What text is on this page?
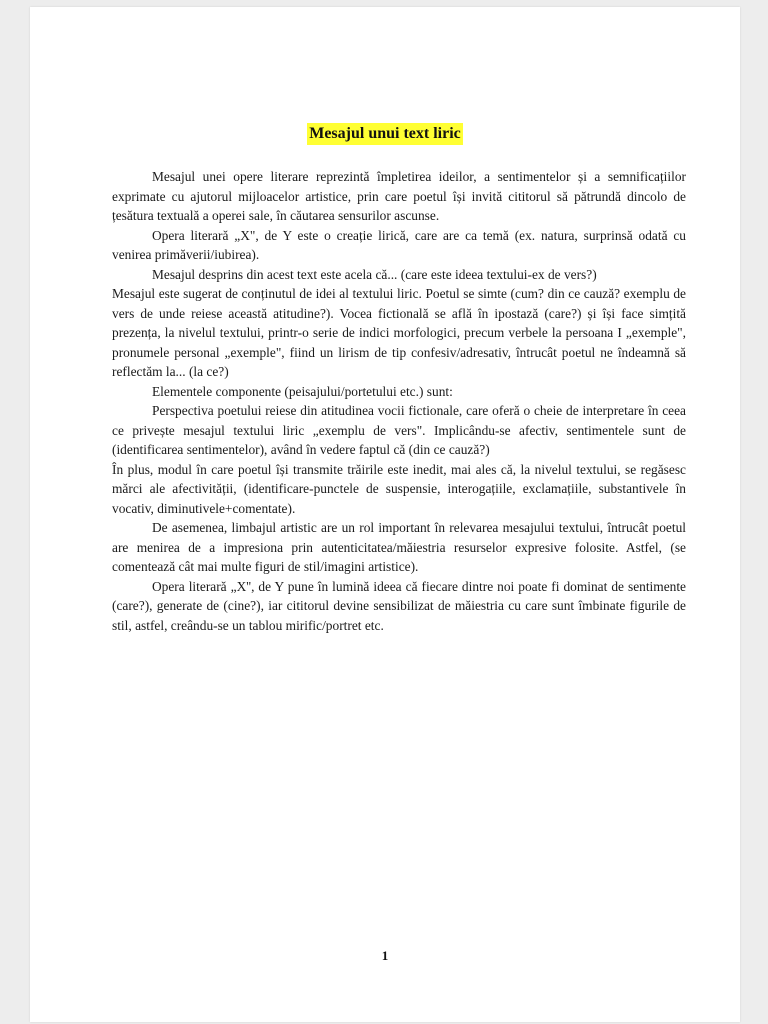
Mesajul unui text liric

Mesajul unei opere literare reprezintă împletirea ideilor, a sentimentelor și a semnificațiilor exprimate cu ajutorul mijloacelor artistice, prin care poetul își invită cititorul să pătrundă dincolo de țesătura textuală a operei sale, în căutarea sensurilor ascunse.

Opera literară „X", de Y este o creație lirică, care are ca temă (ex. natura, surprinsă odată cu venirea primăverii/iubirea).

Mesajul desprins din acest text este acela că... (care este ideea textului-ex de vers?)

Mesajul este sugerat de conținutul de idei al textului liric. Poetul se simte (cum? din ce cauză? exemplu de vers de unde reiese această atitudine?). Vocea fictională se află în ipostază (care?) și își face simțită prezența, la nivelul textului, printr-o serie de indici morfologici, precum verbele la persoana I „exemple", pronumele personal „exemple", fiind un lirism de tip confesiv/adresativ, întrucât poetul ne îndeamnă să reflectăm la... (la ce?)

Elementele componente (peisajului/portetului etc.) sunt:

Perspectiva poetului reiese din atitudinea vocii fictionale, care oferă o cheie de interpretare în ceea ce privește mesajul textului liric „exemplu de vers". Implicându-se afectiv, sentimentele sunt de (identificarea sentimentelor), având în vedere faptul că (din ce cauză?)

În plus, modul în care poetul își transmite trăirile este inedit, mai ales că, la nivelul textului, se regăsesc mărci ale afectivității, (identificare-punctele de suspensie, interogațiile, exclamațiile, substantivele în vocativ, diminutivele+comentate).

De asemenea, limbajul artistic are un rol important în relevarea mesajului textului, întrucât poetul are menirea de a impresiona prin autenticitatea/măiestria resurselor expresive folosite. Astfel, (se comentează cât mai multe figuri de stil/imagini artistice).

Opera literară „X'', de Y pune în lumină ideea că fiecare dintre noi poate fi dominat de sentimente (care?), generate de (cine?), iar cititorul devine sensibilizat de măiestria cu care sunt îmbinate figurile de stil, astfel, creându-se un tablou mirific/portret etc.

1
